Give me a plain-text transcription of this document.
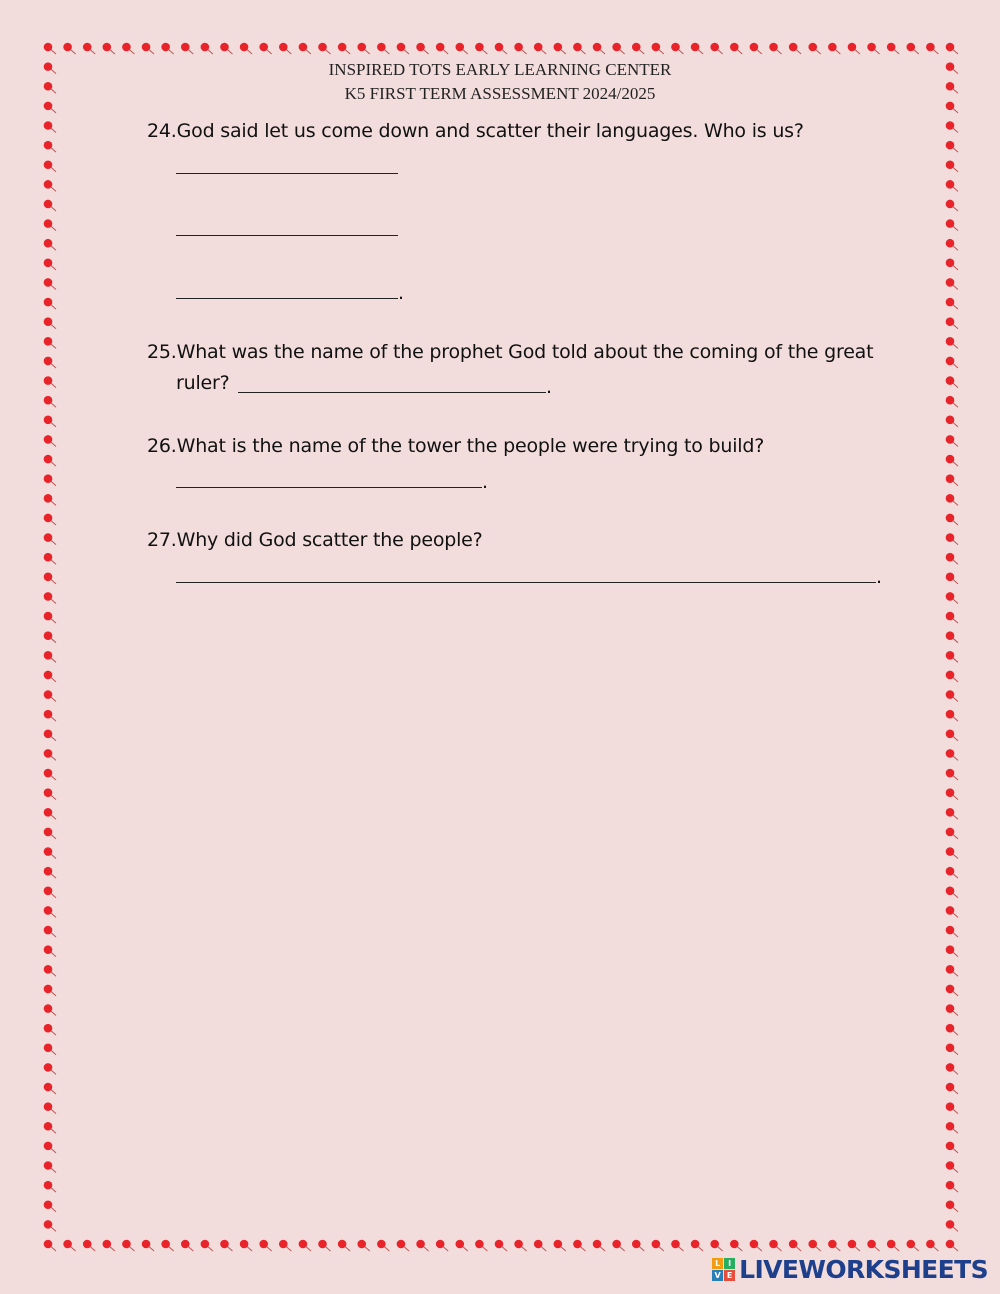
INSPIRED TOTS EARLY LEARNING CENTER
K5 FIRST TERM ASSESSMENT 2024/2025
24.God said let us come down and scatter their languages. Who is us?
.
25.What was the name of the prophet God told about the coming of the great
ruler?	.
26.What is the name of the tower the people were trying to build?
.
27.Why did God scatter the people?
.
L I
V E LIVEWORKSHEETS
